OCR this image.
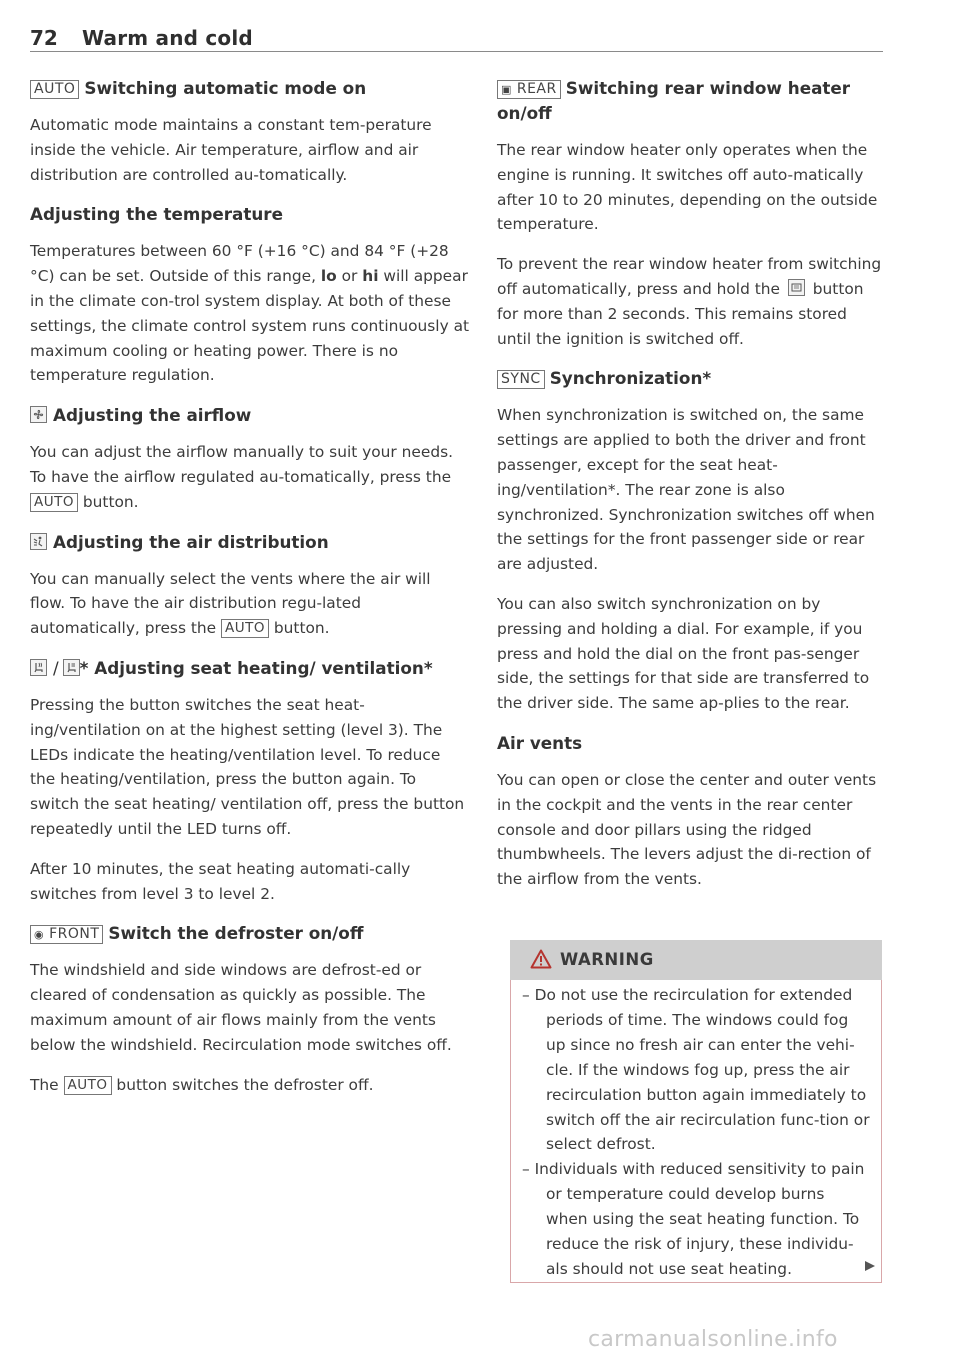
72 Warm and cold
AUTO Switching automatic mode on

Automatic mode maintains a constant tem-perature inside the vehicle. Air temperature, airflow and air distribution are controlled au-tomatically.

Adjusting the temperature

Temperatures between 60 °F (+16 °C) and 84 °F (+28 °C) can be set. Outside of this range, lo or hi will appear in the climate con-trol system display. At both of these settings, the climate control system runs continuously at maximum cooling or heating power. There is no temperature regulation.

Adjusting the airflow

You can adjust the airflow manually to suit your needs. To have the airflow regulated au-tomatically, press the AUTO button.

Adjusting the air distribution

You can manually select the vents where the air will flow. To have the air distribution regu-lated automatically, press the AUTO button.

/ * Adjusting seat heating/ ventilation*

Pressing the button switches the seat heat-ing/ventilation on at the highest setting (level 3). The LEDs indicate the heating/ventilation level. To reduce the heating/ventilation, press the button again. To switch the seat heating/ ventilation off, press the button repeatedly until the LED turns off.

After 10 minutes, the seat heating automati-cally switches from level 3 to level 2.

◉ FRONT Switch the defroster on/off

The windshield and side windows are defrost-ed or cleared of condensation as quickly as possible. The maximum amount of air flows mainly from the vents below the windshield. Recirculation mode switches off.

The AUTO button switches the defroster off.

▣ REAR Switching rear window heater on/off

The rear window heater only operates when the engine is running. It switches off auto-matically after 10 to 20 minutes, depending on the outside temperature.

To prevent the rear window heater from switching off automatically, press and hold the
button for more than 2 seconds. This remains stored until the ignition is switched off.

SYNC Synchronization*

When synchronization is switched on, the same settings are applied to both the driver and front passenger, except for the seat heat-ing/ventilation*. The rear zone is also synchronized. Synchronization switches off when the settings for the front passenger side or rear are adjusted.

You can also switch synchronization on by pressing and holding a dial. For example, if you press and hold the dial on the front pas-senger side, the settings for that side are transferred to the driver side. The same ap-plies to the rear.

Air vents

You can open or close the center and outer vents in the cockpit and the vents in the rear center console and door pillars using the ridged thumbwheels. The levers adjust the di-rection of the airflow from the vents.

WARNING
– Do not use the recirculation for extended periods of time. The windows could fog up since no fresh air can enter the vehi-cle. If the windows fog up, press the air recirculation button again immediately to switch off the air recirculation func-tion or select defrost.
– Individuals with reduced sensitivity to pain or temperature could develop burns when using the seat heating function. To reduce the risk of injury, these individu-als should not use seat heating.
carmanualsonline.info
